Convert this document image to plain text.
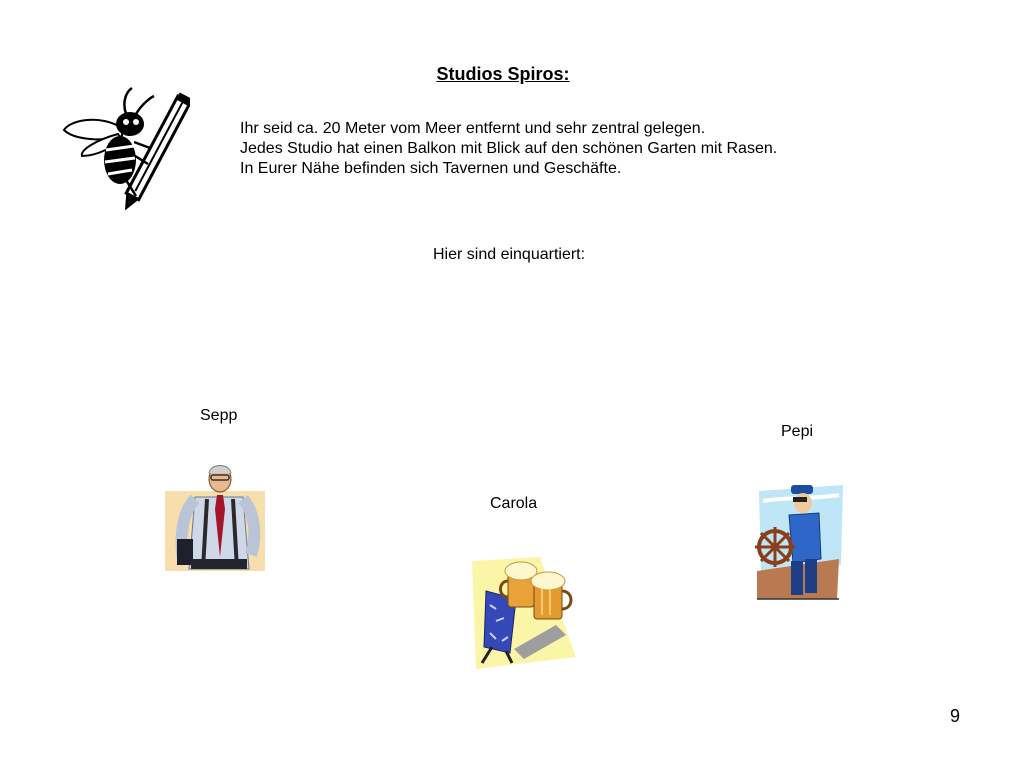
Studios Spiros:
Ihr seid ca. 20 Meter vom Meer entfernt und sehr zentral gelegen.
Jedes Studio hat einen Balkon mit Blick auf den schönen Garten mit Rasen.
In Eurer Nähe befinden sich Tavernen und Geschäfte.
Hier sind einquartiert:
Sepp
Carola
Pepi
9
